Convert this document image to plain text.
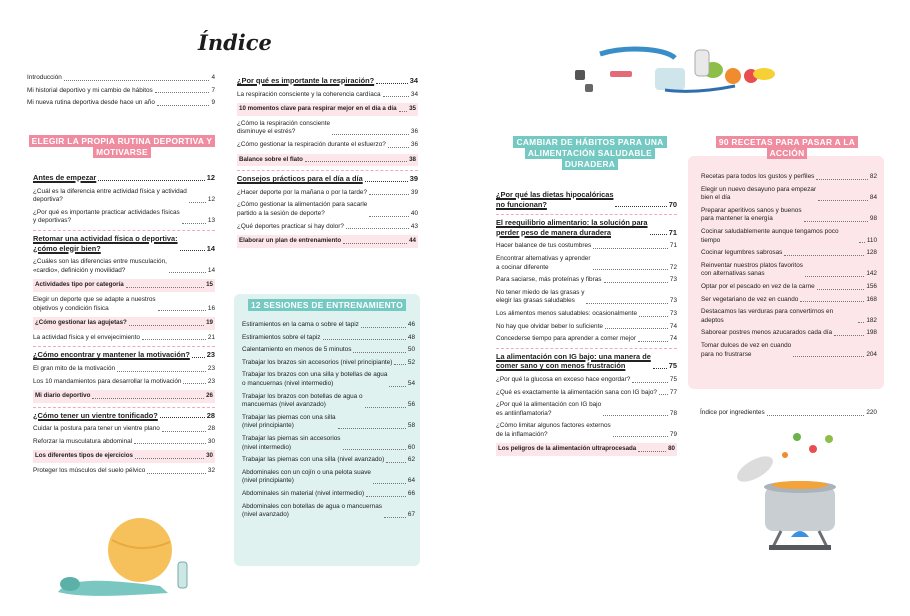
Índice
Introducción	4
Mi historial deportivo y mi cambio de hábitos	7
Mi nueva rutina deportiva desde hace un año	9
ELEGIR LA PROPIA RUTINA DEPORTIVA Y MOTIVARSE
Antes de empezar	12
¿Cuál es la diferencia entre actividad física y actividad
deportiva?	12
¿Por qué es importante practicar actividades físicas
y deportivas?	13
Retomar una actividad física o deportiva:
¿cómo elegir bien?	14
¿Cuáles son las diferencias entre musculación,
«cardio», definición y movilidad?	14
Actividades tipo por categoría	15
Elegir un deporte que se adapte a nuestros
objetivos y condición física	16
¿Cómo gestionar las agujetas?	19
La actividad física y el envejecimiento	21
¿Cómo encontrar y mantener la motivación? 23
El gran mito de la motivación	23
Los 10 mandamientos para desarrollar la motivación	23
Mi diario deportivo	26
¿Cómo tener un vientre tonificado?	28
Cuidar la postura para tener un vientre plano	28
Reforzar la musculatura abdominal	30
Los diferentes tipos de ejercicios	30
Proteger los músculos del suelo pélvico	32
¿Por qué es importante la respiración?	34
La respiración consciente y la coherencia cardíaca	34
10 momentos clave para respirar mejor en el día a día 35
¿Cómo la respiración consciente
disminuye el estrés?	36
¿Cómo gestionar la respiración durante el esfuerzo?	36
Balance sobre el flato	38
Consejos prácticos para el día a día	39
¿Hacer deporte por la mañana o por la tarde?	39
¿Cómo gestionar la alimentación para sacarle
partido a la sesión de deporte?	40
¿Qué deportes practicar si hay dolor?	43
Elaborar un plan de entrenamiento	44
12 SESIONES DE ENTRENAMIENTO
Estiramientos en la cama o sobre el tapiz	46
Estiramientos sobre el tapiz	48
Calentamiento en menos de 5 minutos	50
Trabajar los brazos sin accesorios (nivel principiante) 52
Trabajar los brazos con una silla y botellas de agua
o mancuernas (nivel intermedio)	54
Trabajar los brazos con botellas de agua o
mancuernas (nivel avanzado)	56
Trabajar las piernas con una silla
(nivel principiante)	58
Trabajar las piernas sin accesorios
(nivel intermedio)	60
Trabajar las piernas con una silla (nivel avanzado)	62
Abdominales con un cojín o una pelota suave
(nivel principiante)	64
Abdominales sin material (nivel intermedio)	66
Abdominales con botellas de agua o mancuernas
(nivel avanzado)	67
CAMBIAR DE HÁBITOS PARA UNA ALIMENTACIÓN SALUDABLE DURADERA
¿Por qué las dietas hipocalóricas
no funcionan?	70
El reequilibrio alimentario: la solución para
perder peso de manera duradera	71
Hacer balance de tus costumbres	71
Encontrar alternativas y aprender
a cocinar diferente	72
Para saciarse, más proteínas y fibras	73
No tener miedo de las grasas y
elegir las grasas saludables	73
Los alimentos menos saludables: ocasionalmente	73
No hay que olvidar beber lo suficiente	74
Concederse tiempo para aprender a comer mejor	74
La alimentación con IG bajo: una manera de
comer sano y con menos frustración	75
¿Por qué la glucosa en exceso hace engordar?	75
¿Qué es exactamente la alimentación sana con IG bajo? 77
¿Por qué la alimentación con IG bajo
es antiinflamatoria?	78
¿Cómo limitar algunos factores externos
de la inflamación?	79
Los peligros de la alimentación ultraprocesada	80
90 RECETAS PARA PASAR A LA ACCIÓN
Recetas para todos los gustos y perfiles	82
Elegir un nuevo desayuno para empezar
bien el día	84
Preparar aperitivos sanos y buenos
para mantener la energía	98
Cocinar saludablemente aunque tengamos poco tiempo	110
Cocinar legumbres sabrosas	128
Reinventar nuestros platos favoritos
con alternativas sanas	142
Optar por el pescado en vez de la carne	156
Ser vegetariano de vez en cuando	168
Destacamos las verduras para convertirnos en adeptos	182
Saborear postres menos azucarados cada día	198
Tomar dulces de vez en cuando
para no frustrarse	204
Índice por ingredientes	220
